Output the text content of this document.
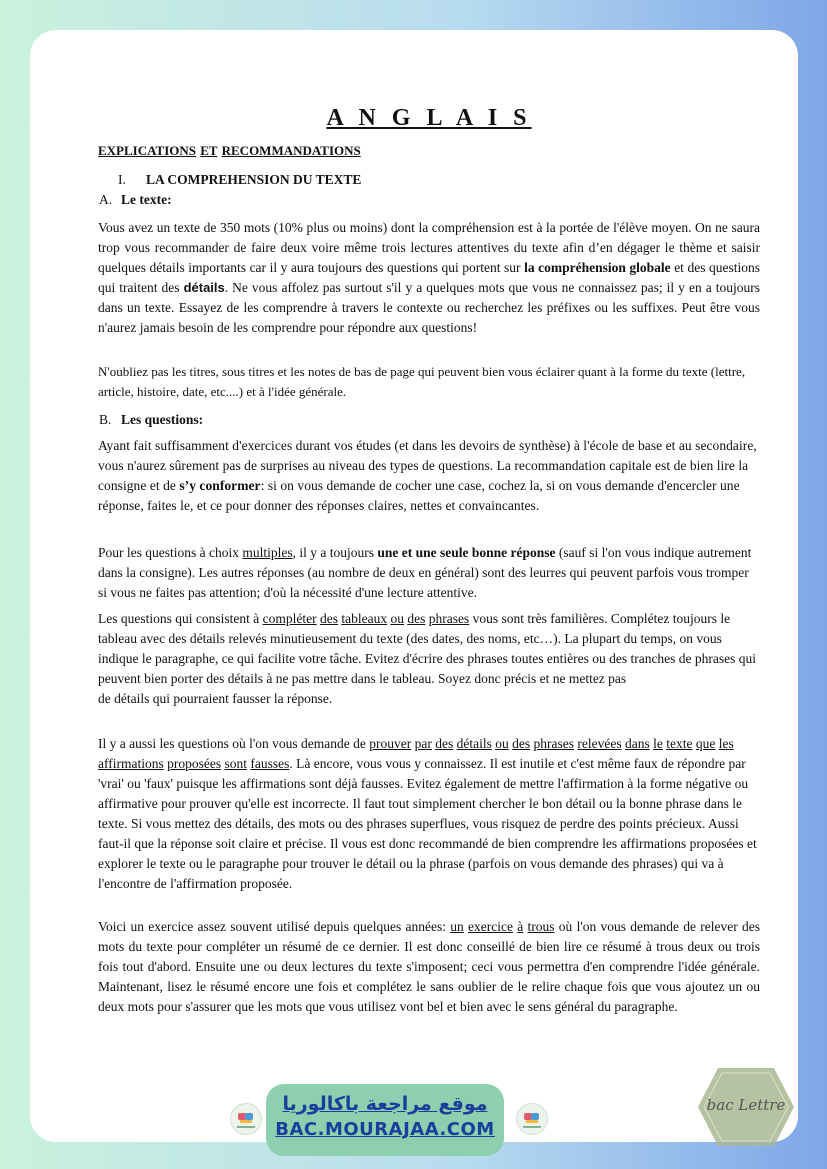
A N G L A I S
EXPLICATIONS ET RECOMMANDATIONS
I. LA COMPREHENSION DU TEXTE
A. Le texte:

Vous avez un texte de 350 mots (10% plus ou moins) dont la compréhension est à la portée de l'élève moyen. On ne saura trop vous recommander de faire deux voire même trois lectures attentives du texte afin d’en dégager le thème et saisir quelques détails importants car il y aura toujours des questions qui portent sur la compréhension globale et des questions qui traitent des détails. Ne vous affolez pas surtout s'il y a quelques mots que vous ne connaissez pas; il y en a toujours dans un texte. Essayez de les comprendre à travers le contexte ou recherchez les préfixes ou les suffixes. Peut être vous n'aurez jamais besoin de les comprendre pour répondre aux questions!

N'oubliez pas les titres, sous titres et les notes de bas de page qui peuvent bien vous éclairer quant à la forme du texte (lettre, article, histoire, date, etc....) et à l'idée générale.

B. Les questions:

Ayant fait suffisamment d'exercices durant vos études (et dans les devoirs de synthèse) à l'école de base et au secondaire, vous n'aurez sûrement pas de surprises au niveau des types de questions. La recommandation capitale est de bien lire la consigne et de s’y conformer: si on vous demande de cocher une case, cochez la, si on vous demande d'encercler une réponse, faites le, et ce pour donner des réponses claires, nettes et convaincantes.

Pour les questions à choix multiples, il y a toujours une et une seule bonne réponse (sauf si l'on vous indique autrement dans la consigne). Les autres réponses (au nombre de deux en général) sont des leurres qui peuvent parfois vous tromper si vous ne faites pas attention; d'où la nécessité d'une lecture attentive.

Les questions qui consistent à compléter des tableaux ou des phrases vous sont très familières. Complétez toujours le tableau avec des détails relevés minutieusement du texte (des dates, des noms, etc…). La plupart du temps, on vous indique le paragraphe, ce qui facilite votre tâche. Evitez d'écrire des phrases toutes entières ou des tranches de phrases qui peuvent bien porter des détails à ne pas mettre dans le tableau. Soyez donc précis et ne mettez pas
de détails qui pourraient fausser la réponse.

Il y a aussi les questions où l'on vous demande de prouver par des détails ou des phrases relevées dans le texte que les affirmations proposées sont fausses. Là encore, vous vous y connaissez. Il est inutile et c'est même faux de répondre par 'vrai' ou 'faux' puisque les affirmations sont déjà fausses. Evitez également de mettre l'affirmation à la forme négative ou affirmative pour prouver qu'elle est incorrecte. Il faut tout simplement chercher le bon détail ou la bonne phrase dans le texte. Si vous mettez des détails, des mots ou des phrases superflues, vous risquez de perdre des points précieux. Aussi faut-il que la réponse soit claire et précise. Il vous est donc recommandé de bien comprendre les affirmations proposées et explorer le texte ou le paragraphe pour trouver le détail ou la phrase (parfois on vous demande des phrases) qui va à l'encontre de l'affirmation proposée.

Voici un exercice assez souvent utilisé depuis quelques années: un exercice à trous où l'on vous demande de relever des mots du texte pour compléter un résumé de ce dernier. Il est donc conseillé de bien lire ce résumé à trous deux ou trois fois tout d'abord. Ensuite une ou deux lectures du texte s'imposent; ceci vous permettra d'en comprendre l'idée générale. Maintenant, lisez le résumé encore une fois et complétez le sans oublier de le relire chaque fois que vous ajoutez un ou deux mots pour s'assurer que les mots que vous utilisez vont bel et bien avec le sens général du paragraphe.

موقع مراجعة باكالوريا
BAC.MOURAJAA.COM
bac Lettre
